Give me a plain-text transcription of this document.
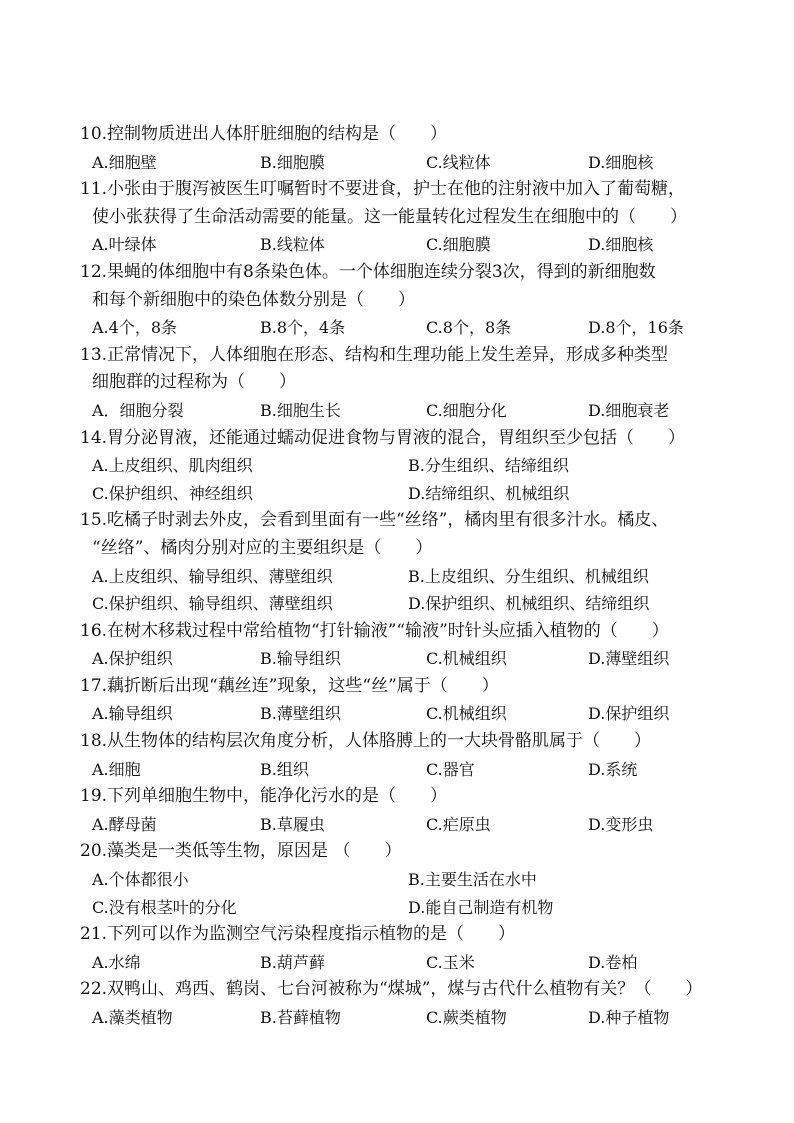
10.控制物质进出人体肝脏细胞的结构是（　　）
A.细胞壁	B.细胞膜	C.线粒体	D.细胞核
11.小张由于腹泻被医生叮嘱暂时不要进食，护士在他的注射液中加入了葡萄糖，
使小张获得了生命活动需要的能量。这一能量转化过程发生在细胞中的（　　）
A.叶绿体	B.线粒体	C.细胞膜	D.细胞核
12.果蝇的体细胞中有8条染色体。一个体细胞连续分裂3次，得到的新细胞数
和每个新细胞中的染色体数分别是（　　）
A.4个，8条	B.8个，4条	C.8个，8条	D.8个，16条
13.正常情况下，人体细胞在形态、结构和生理功能上发生差异，形成多种类型
细胞群的过程称为（　　）
A．细胞分裂	B.细胞生长	C.细胞分化	D.细胞衰老
14.胃分泌胃液，还能通过蠕动促进食物与胃液的混合，胃组织至少包括（　　）
A.上皮组织、肌肉组织	B.分生组织、结缔组织
C.保护组织、神经组织	D.结缔组织、机械组织
15.吃橘子时剥去外皮，会看到里面有一些“丝络”，橘肉里有很多汁水。橘皮、
“丝络”、橘肉分别对应的主要组织是（　　）
A.上皮组织、输导组织、薄壁组织	B.上皮组织、分生组织、机械组织
C.保护组织、输导组织、薄壁组织	D.保护组织、机械组织、结缔组织
16.在树木移栽过程中常给植物“打针输液”“输液”时针头应插入植物的（　　）
A.保护组织	B.输导组织	C.机械组织	D.薄壁组织
17.藕折断后出现“藕丝连”现象，这些“丝”属于（　　）
A.输导组织	B.薄壁组织	C.机械组织	D.保护组织
18.从生物体的结构层次角度分析，人体胳膊上的一大块骨骼肌属于（　　）
A.细胞	B.组织	C.器官	D.系统
19.下列单细胞生物中，能净化污水的是（　　）
A.酵母菌	B.草履虫	C.疟原虫	D.变形虫
20.藻类是一类低等生物，原因是 （　　）
A.个体都很小	B.主要生活在水中
C.没有根茎叶的分化	D.能自己制造有机物
21.下列可以作为监测空气污染程度指示植物的是（　　）
A.水绵	B.葫芦藓	C.玉米	D.卷柏
22.双鸭山、鸡西、鹤岗、七台河被称为“煤城”，煤与古代什么植物有关？（　　）
A.藻类植物	B.苔藓植物	C.蕨类植物	D.种子植物
